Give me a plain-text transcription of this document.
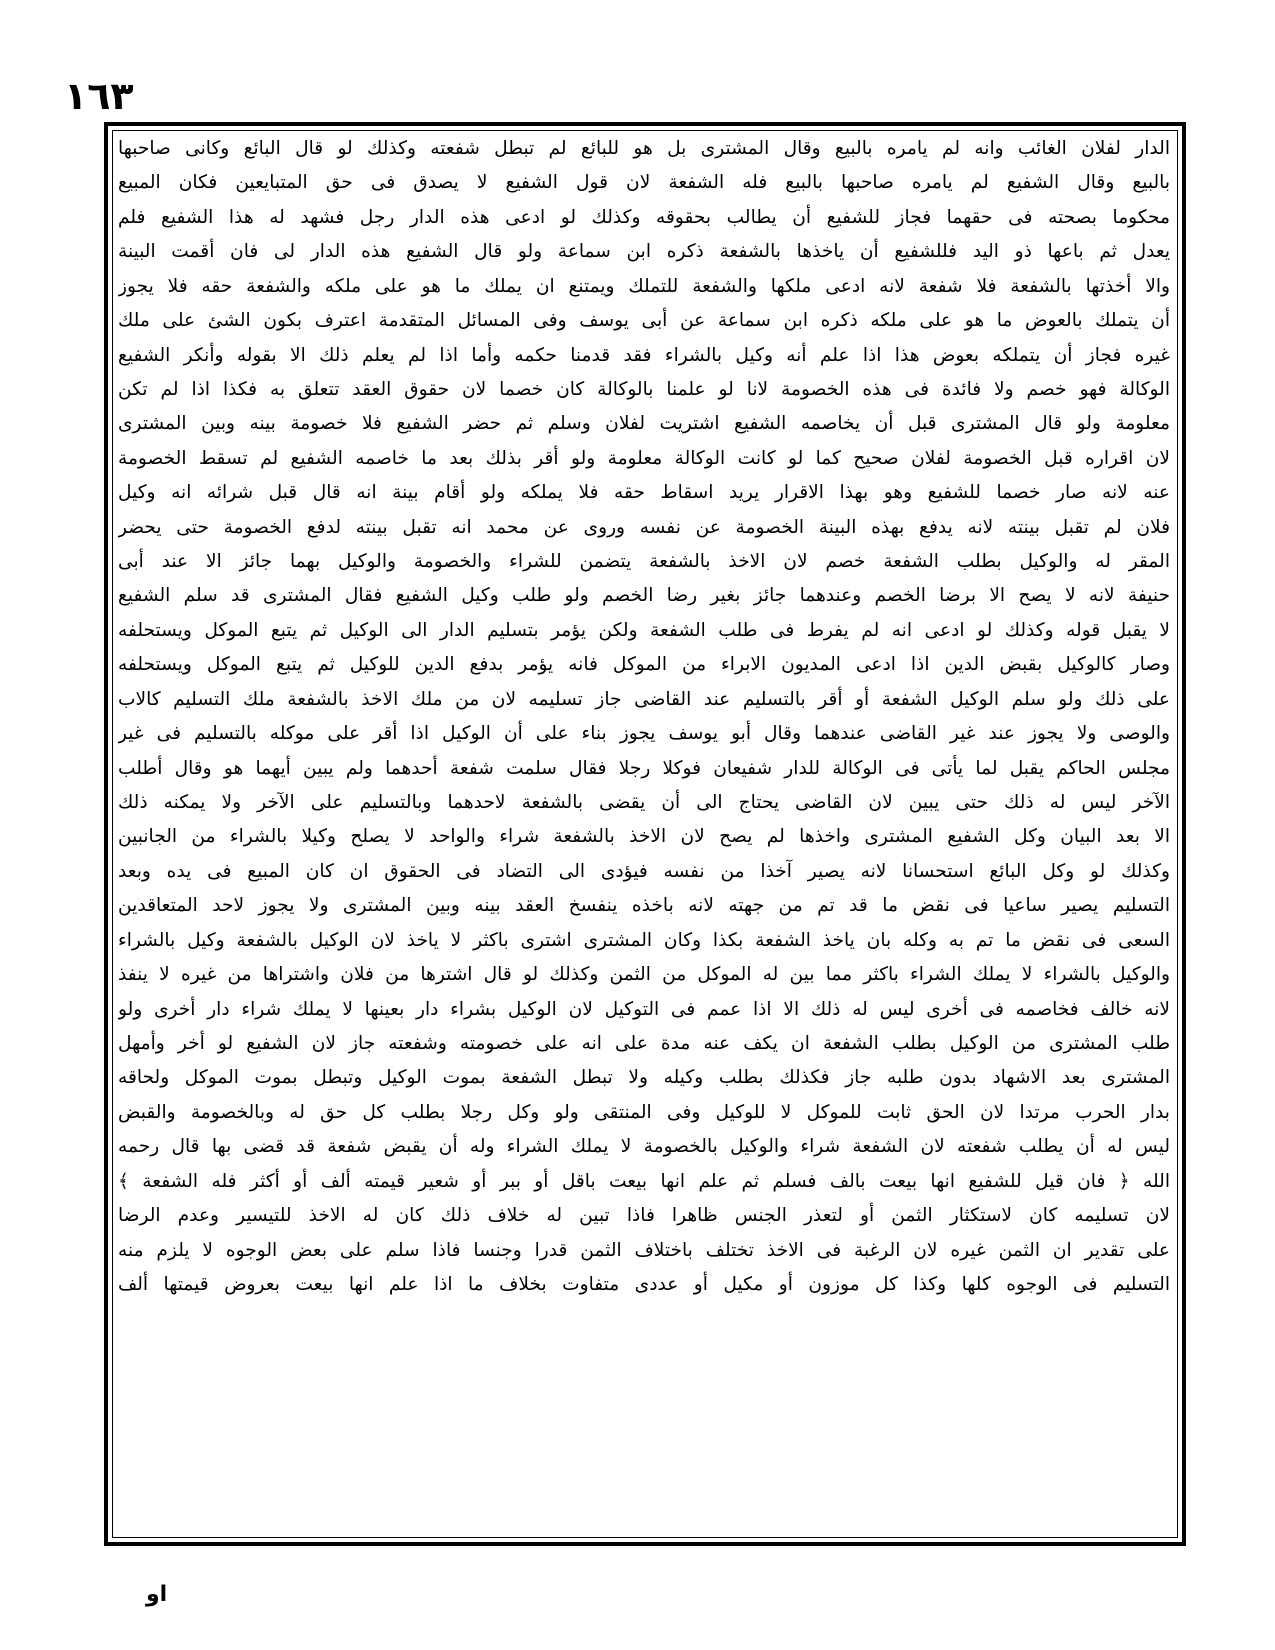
١٦٣
الدار لفلان الغائب وانه لم يامره بالبيع وقال المشترى بل هو للبائع لم تبطل شفعته وكذلك لو قال البائع وكانى صاحبها
بالبيع وقال الشفيع لم يامره صاحبها بالبيع فله الشفعة لان قول الشفيع لا يصدق فى حق المتبايعين فكان المبيع
محكوما بصحته فى حقهما فجاز للشفيع أن يطالب بحقوقه وكذلك لو ادعى هذه الدار رجل فشهد له هذا الشفيع فلم
يعدل ثم باعها ذو اليد فللشفيع أن ياخذها بالشفعة ذكره ابن سماعة ولو قال الشفيع هذه الدار لى فان أقمت البينة
والا أخذتها بالشفعة فلا شفعة لانه ادعى ملكها والشفعة للتملك ويمتنع ان يملك ما هو على ملكه والشفعة حقه فلا يجوز
أن يتملك بالعوض ما هو على ملكه ذكره ابن سماعة عن أبى يوسف وفى المسائل المتقدمة اعترف بكون الشئ على ملك
غيره فجاز أن يتملكه بعوض هذا اذا علم أنه وكيل بالشراء فقد قدمنا حكمه وأما اذا لم يعلم ذلك الا بقوله وأنكر الشفيع
الوكالة فهو خصم ولا فائدة فى هذه الخصومة لانا لو علمنا بالوكالة كان خصما لان حقوق العقد تتعلق به فكذا اذا لم تكن
معلومة ولو قال المشترى قبل أن يخاصمه الشفيع اشتريت لفلان وسلم ثم حضر الشفيع فلا خصومة بينه وبين المشترى
لان اقراره قبل الخصومة لفلان صحيح كما لو كانت الوكالة معلومة ولو أقر بذلك بعد ما خاصمه الشفيع لم تسقط الخصومة
عنه لانه صار خصما للشفيع وهو بهذا الاقرار يريد اسقاط حقه فلا يملكه ولو أقام بينة انه قال قبل شرائه انه وكيل
فلان لم تقبل بينته لانه يدفع بهذه البينة الخصومة عن نفسه وروى عن محمد انه تقبل بينته لدفع الخصومة حتى يحضر
المقر له والوكيل بطلب الشفعة خصم لان الاخذ بالشفعة يتضمن للشراء والخصومة والوكيل بهما جائز الا عند أبى
حنيفة لانه لا يصح الا برضا الخصم وعندهما جائز بغير رضا الخصم ولو طلب وكيل الشفيع فقال المشترى قد سلم الشفيع
لا يقبل قوله وكذلك لو ادعى انه لم يفرط فى طلب الشفعة ولكن يؤمر بتسليم الدار الى الوكيل ثم يتبع الموكل ويستحلفه
وصار كالوكيل بقبض الدين اذا ادعى المديون الابراء من الموكل فانه يؤمر بدفع الدين للوكيل ثم يتبع الموكل ويستحلفه
على ذلك ولو سلم الوكيل الشفعة أو أقر بالتسليم عند القاضى جاز تسليمه لان من ملك الاخذ بالشفعة ملك التسليم كالاب
والوصى ولا يجوز عند غير القاضى عندهما وقال أبو يوسف يجوز بناء على أن الوكيل اذا أقر على موكله بالتسليم فى غير
مجلس الحاكم يقبل لما يأتى فى الوكالة للدار شفيعان فوكلا رجلا فقال سلمت شفعة أحدهما ولم يبين أيهما هو وقال أطلب
الآخر ليس له ذلك حتى يبين لان القاضى يحتاج الى أن يقضى بالشفعة لاحدهما وبالتسليم على الآخر ولا يمكنه ذلك
الا بعد البيان وكل الشفيع المشترى واخذها لم يصح لان الاخذ بالشفعة شراء والواحد لا يصلح وكيلا بالشراء من الجانبين
وكذلك لو وكل البائع استحسانا لانه يصير آخذا من نفسه فيؤدى الى التضاد فى الحقوق ان كان المبيع فى يده وبعد
التسليم يصير ساعيا فى نقض ما قد تم من جهته لانه باخذه ينفسخ العقد بينه وبين المشترى ولا يجوز لاحد المتعاقدين
السعى فى نقض ما تم به وكله بان ياخذ الشفعة بكذا وكان المشترى اشترى باكثر لا ياخذ لان الوكيل بالشفعة وكيل بالشراء
والوكيل بالشراء لا يملك الشراء باكثر مما بين له الموكل من الثمن وكذلك لو قال اشترها من فلان واشتراها من غيره لا ينفذ
لانه خالف فخاصمه فى أخرى ليس له ذلك الا اذا عمم فى التوكيل لان الوكيل بشراء دار بعينها لا يملك شراء دار أخرى ولو
طلب المشترى من الوكيل بطلب الشفعة ان يكف عنه مدة على انه على خصومته وشفعته جاز لان الشفيع لو أخر وأمهل
المشترى بعد الاشهاد بدون طلبه جاز فكذلك بطلب وكيله ولا تبطل الشفعة بموت الوكيل وتبطل بموت الموكل ولحاقه
بدار الحرب مرتدا لان الحق ثابت للموكل لا للوكيل وفى المنتقى ولو وكل رجلا بطلب كل حق له وبالخصومة والقبض
ليس له أن يطلب شفعته لان الشفعة شراء والوكيل بالخصومة لا يملك الشراء وله أن يقبض شفعة قد قضى بها قال رحمه
الله ﴿ فان قيل للشفيع انها بيعت بالف فسلم ثم علم انها بيعت باقل أو ببر أو شعير قيمته ألف أو أكثر فله الشفعة ﴾
لان تسليمه كان لاستكثار الثمن أو لتعذر الجنس ظاهرا فاذا تبين له خلاف ذلك كان له الاخذ للتيسير وعدم الرضا
على تقدير ان الثمن غيره لان الرغبة فى الاخذ تختلف باختلاف الثمن قدرا وجنسا فاذا سلم على بعض الوجوه لا يلزم منه
التسليم فى الوجوه كلها وكذا كل موزون أو مكيل أو عددى متفاوت بخلاف ما اذا علم انها بيعت بعروض قيمتها ألف
او
